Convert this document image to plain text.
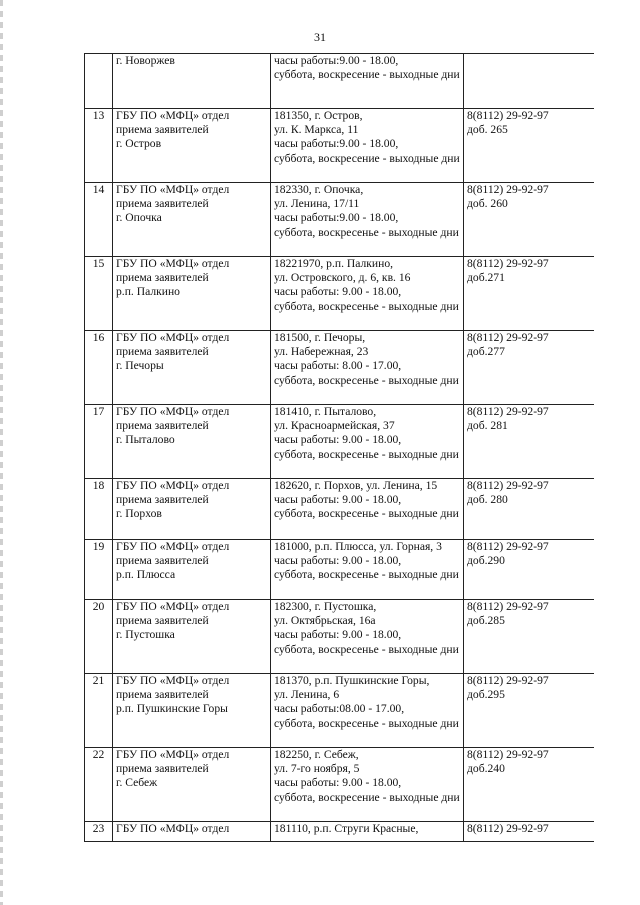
31
	г. Новоржев	часы работы:9.00 - 18.00,
суббота, воскресение - выходные дни	
13	ГБУ ПО «МФЦ» отдел
приема заявителей
г. Остров	181350, г. Остров,
ул. К. Маркса, 11
часы работы:9.00 - 18.00,
суббота, воскресение - выходные дни	8(8112) 29-92-97
доб. 265
14	ГБУ ПО «МФЦ» отдел
приема заявителей
г. Опочка	182330, г. Опочка,
ул. Ленина, 17/11
часы работы:9.00 - 18.00,
суббота, воскресенье - выходные дни	8(8112) 29-92-97
доб. 260
15	ГБУ ПО «МФЦ» отдел
приема заявителей
р.п. Палкино	18221970, р.п. Палкино,
ул. Островского, д. 6, кв. 16
часы работы: 9.00 - 18.00,
суббота, воскресенье - выходные дни	8(8112) 29-92-97
доб.271
16	ГБУ ПО «МФЦ» отдел
приема заявителей
г. Печоры	181500, г. Печоры,
ул. Набережная, 23
часы работы: 8.00 - 17.00,
суббота, воскресенье - выходные дни	8(8112) 29-92-97
доб.277
17	ГБУ ПО «МФЦ» отдел
приема заявителей
г. Пыталово	181410, г. Пыталово,
ул. Красноармейская, 37
часы работы: 9.00 - 18.00,
суббота, воскресенье - выходные дни	8(8112) 29-92-97
доб. 281
18	ГБУ ПО «МФЦ» отдел
приема заявителей
г. Порхов	182620, г. Порхов, ул. Ленина, 15
часы работы: 9.00 - 18.00,
суббота, воскресенье - выходные дни	8(8112) 29-92-97
доб. 280
19	ГБУ ПО «МФЦ» отдел
приема заявителей
р.п. Плюсса	181000, р.п. Плюсса, ул. Горная, 3
часы работы: 9.00 - 18.00,
суббота, воскресенье - выходные дни	8(8112) 29-92-97
доб.290
20	ГБУ ПО «МФЦ» отдел
приема заявителей
г. Пустошка	182300, г. Пустошка,
ул. Октябрьская, 16а
часы работы: 9.00 - 18.00,
суббота, воскресенье - выходные дни	8(8112) 29-92-97
доб.285
21	ГБУ ПО «МФЦ» отдел
приема заявителей
р.п. Пушкинские Горы	181370, р.п. Пушкинские Горы,
ул. Ленина, 6
часы работы:08.00 - 17.00,
суббота, воскресенье - выходные дни	8(8112) 29-92-97
доб.295
22	ГБУ ПО «МФЦ» отдел
приема заявителей
г. Себеж	182250, г. Себеж,
ул. 7-го ноября, 5
часы работы: 9.00 - 18.00,
суббота, воскресение - выходные дни	8(8112) 29-92-97
доб.240
23	ГБУ ПО «МФЦ» отдел	181110, р.п. Струги Красные,	8(8112) 29-92-97
